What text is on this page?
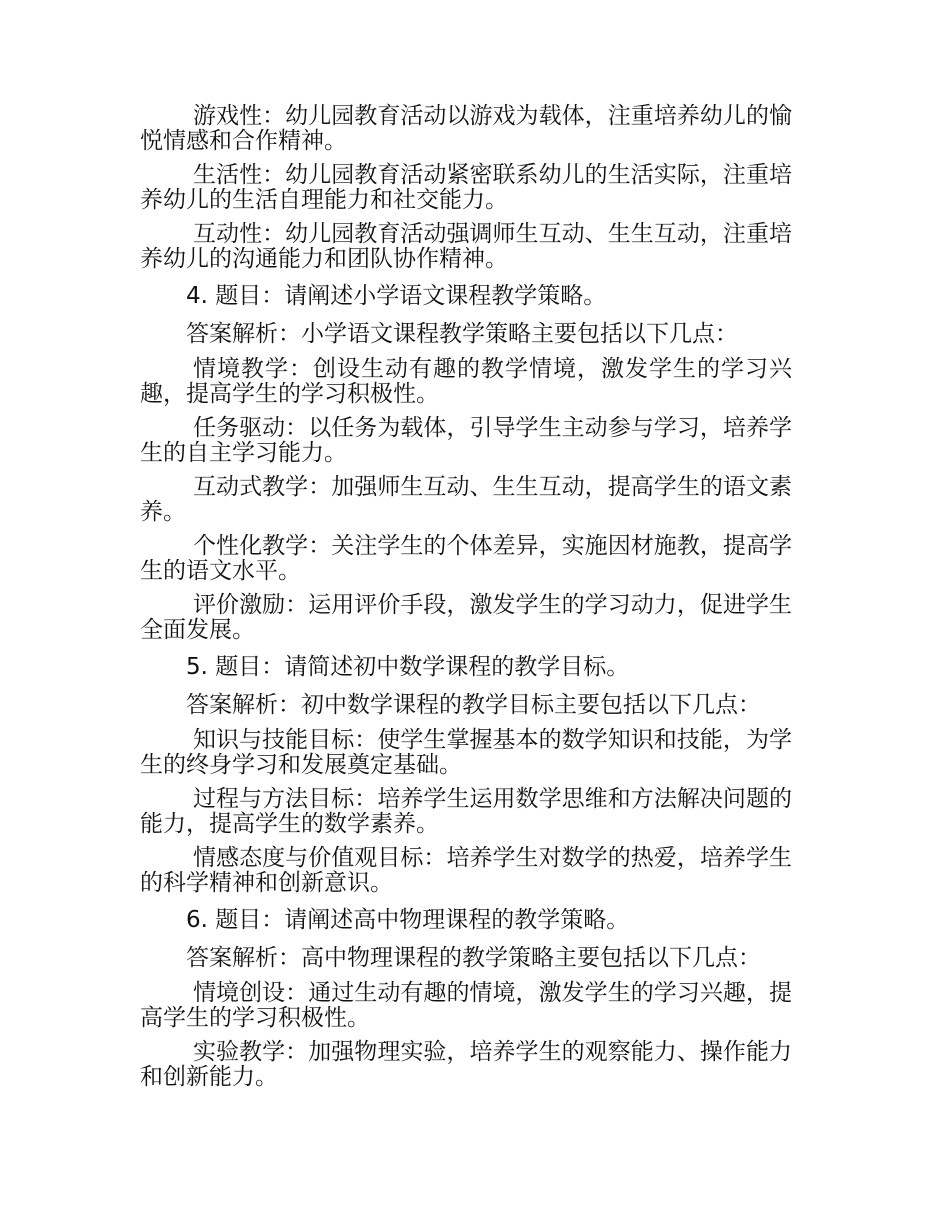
游戏性：幼儿园教育活动以游戏为载体，注重培养幼儿的愉悦情感和合作精神。

生活性：幼儿园教育活动紧密联系幼儿的生活实际，注重培养幼儿的生活自理能力和社交能力。

互动性：幼儿园教育活动强调师生互动、生生互动，注重培养幼儿的沟通能力和团队协作精神。

4. 题目：请阐述小学语文课程教学策略。

答案解析：小学语文课程教学策略主要包括以下几点：

情境教学：创设生动有趣的教学情境，激发学生的学习兴趣，提高学生的学习积极性。

任务驱动：以任务为载体，引导学生主动参与学习，培养学生的自主学习能力。

互动式教学：加强师生互动、生生互动，提高学生的语文素养。

个性化教学：关注学生的个体差异，实施因材施教，提高学生的语文水平。

评价激励：运用评价手段，激发学生的学习动力，促进学生全面发展。

5. 题目：请简述初中数学课程的教学目标。

答案解析：初中数学课程的教学目标主要包括以下几点：

知识与技能目标：使学生掌握基本的数学知识和技能，为学生的终身学习和发展奠定基础。

过程与方法目标：培养学生运用数学思维和方法解决问题的能力，提高学生的数学素养。

情感态度与价值观目标：培养学生对数学的热爱，培养学生的科学精神和创新意识。

6. 题目：请阐述高中物理课程的教学策略。

答案解析：高中物理课程的教学策略主要包括以下几点：

情境创设：通过生动有趣的情境，激发学生的学习兴趣，提高学生的学习积极性。

实验教学：加强物理实验，培养学生的观察能力、操作能力和创新能力。
